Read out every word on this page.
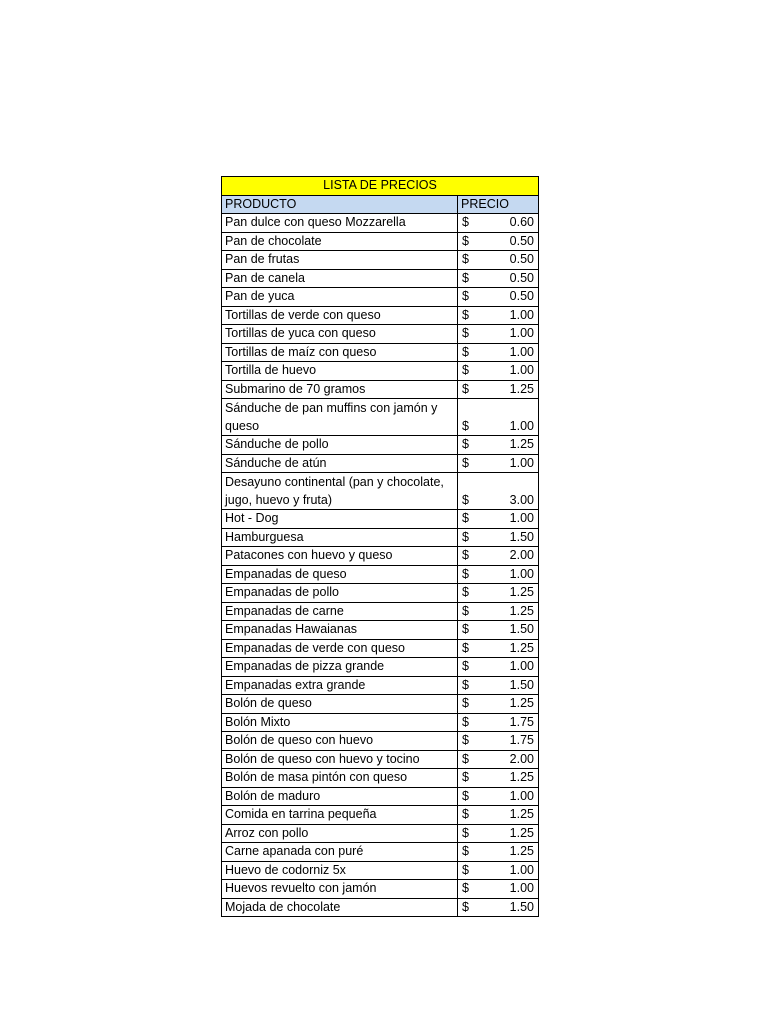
LISTA DE PRECIOS	
PRODUCTO	PRECIO
Pan dulce con queso Mozzarella	$ 0.60

Pan de chocolate	$ 0.50

Pan de frutas	$ 0.50

Pan de canela	$ 0.50

Pan de yuca	$ 0.50

Tortillas de verde con queso	$ 1.00

Tortillas de yuca con queso	$ 1.00

Tortillas de maíz con queso	$ 1.00

Tortilla de huevo	$ 1.00

Submarino de 70 gramos	$ 1.25

Sánduche de pan muffins con jamón y queso	$ 1.00

Sánduche de pollo	$ 1.25

Sánduche de atún	$ 1.00

Desayuno continental (pan y chocolate, jugo, huevo y fruta)	$ 3.00

Hot - Dog	$ 1.00

Hamburguesa	$ 1.50

Patacones con huevo y queso	$ 2.00

Empanadas de queso	$ 1.00

Empanadas de pollo	$ 1.25

Empanadas de carne	$ 1.25

Empanadas Hawaianas	$ 1.50

Empanadas de verde con queso	$ 1.25

Empanadas de pizza grande	$ 1.00

Empanadas extra grande	$ 1.50

Bolón de queso	$ 1.25

Bolón Mixto	$ 1.75

Bolón de queso con huevo	$ 1.75

Bolón de queso con huevo y tocino	$ 2.00

Bolón de masa pintón con queso	$ 1.25

Bolón de maduro	$ 1.00

Comida en tarrina pequeña	$ 1.25

Arroz con pollo	$ 1.25

Carne apanada con puré	$ 1.25

Huevo de codorniz 5x	$ 1.00

Huevos revuelto con jamón	$ 1.00

Mojada de chocolate	$ 1.50
